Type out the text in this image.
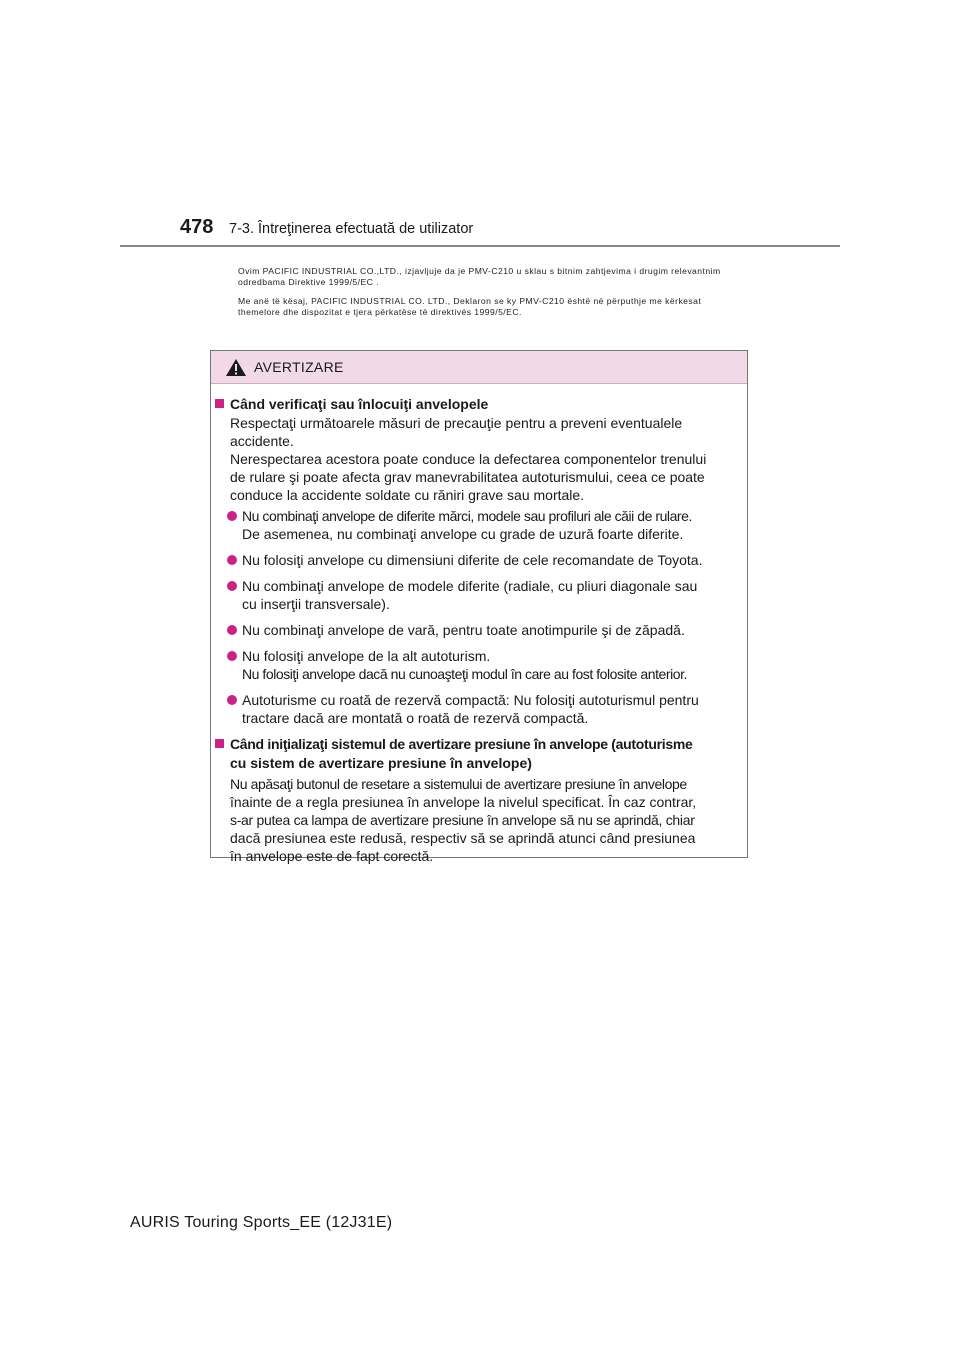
478 7-3. Întreţinerea efectuată de utilizator
Ovim PACIFIC INDUSTRIAL CO.,LTD., izjavljuje da je PMV-C210 u sklau s bitnim zahtjevima i drugim relevantnim
odredbama Direktive 1999/5/EC .
Me anë të kësaj, PACIFIC INDUSTRIAL CO. LTD., Deklaron se ky PMV-C210 është në përputhje me kërkesat
themelore dhe dispozitat e tjera përkatëse të direktivës 1999/5/EC.
AVERTIZARE
Când verificaţi sau înlocuiţi anvelopele
Respectaţi următoarele măsuri de precauţie pentru a preveni eventualele
accidente.
Nerespectarea acestora poate conduce la defectarea componentelor trenului
de rulare şi poate afecta grav manevrabilitatea autoturismului, ceea ce poate
conduce la accidente soldate cu răniri grave sau mortale.
Nu combinaţi anvelope de diferite mărci, modele sau profiluri ale căii de rulare.
De asemenea, nu combinaţi anvelope cu grade de uzură foarte diferite.
Nu folosiţi anvelope cu dimensiuni diferite de cele recomandate de Toyota.
Nu combinaţi anvelope de modele diferite (radiale, cu pliuri diagonale sau
cu inserţii transversale).
Nu combinaţi anvelope de vară, pentru toate anotimpurile şi de zăpadă.
Nu folosiţi anvelope de la alt autoturism.
Nu folosiţi anvelope dacă nu cunoaşteţi modul în care au fost folosite anterior.
Autoturisme cu roată de rezervă compactă: Nu folosiţi autoturismul pentru
tractare dacă are montată o roată de rezervă compactă.
Când iniţializaţi sistemul de avertizare presiune în anvelope (autoturisme
cu sistem de avertizare presiune în anvelope)
Nu apăsaţi butonul de resetare a sistemului de avertizare presiune în anvelope
înainte de a regla presiunea în anvelope la nivelul specificat. În caz contrar,
s-ar putea ca lampa de avertizare presiune în anvelope să nu se aprindă, chiar
dacă presiunea este redusă, respectiv să se aprindă atunci când presiunea
în anvelope este de fapt corectă.
AURIS Touring Sports_EE (12J31E)
